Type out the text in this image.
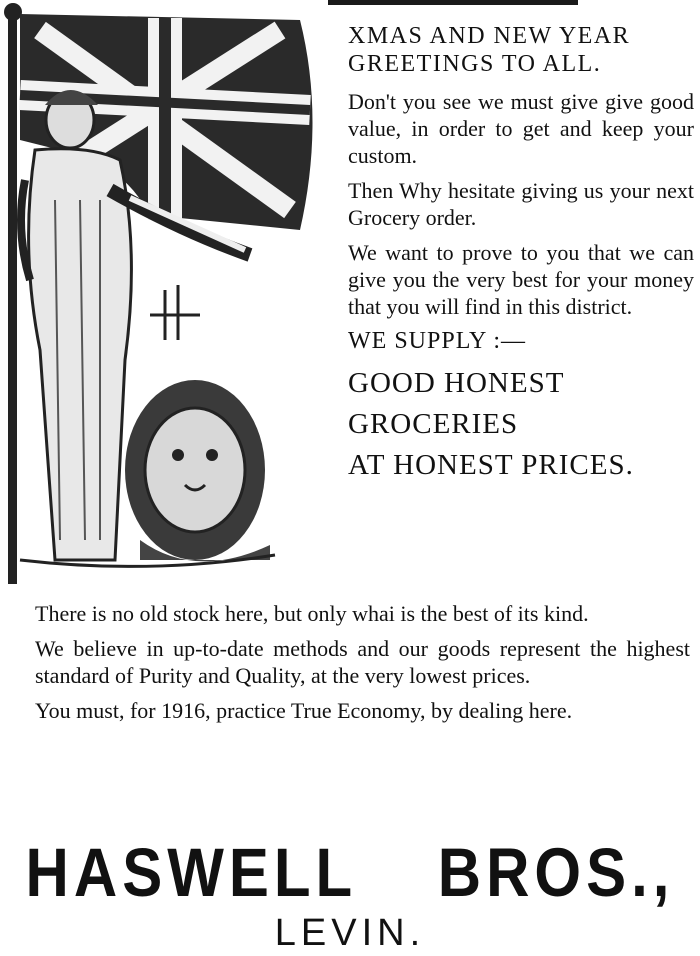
XMAS AND NEW YEAR GREETINGS TO ALL.

Don't you see we must give give good value, in order to get and keep your custom.

Then Why hesitate giving us your next Grocery order.

We want to prove to you that we can give you the very best for your money that you will find in this district.

WE SUPPLY :—

GOOD HONEST

GROCERIES

AT HONEST PRICES.

There is no old stock here, but only whai is the best of its kind.

We believe in up-to-date methods and our goods represent the highest standard of Purity and Quality, at the very lowest prices.

You must, for 1916, practice True Economy, by dealing here.

HASWELL BROS.,
LEVIN.
